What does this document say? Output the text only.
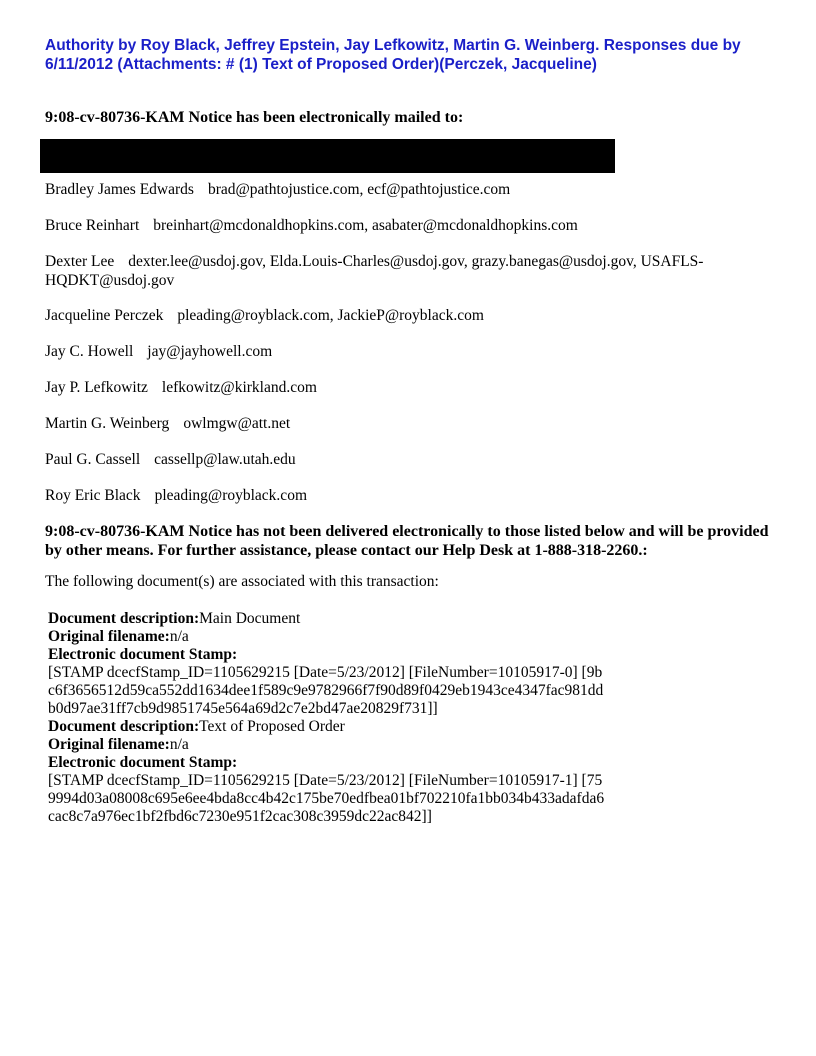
Authority by Roy Black, Jeffrey Epstein, Jay Lefkowitz, Martin G. Weinberg. Responses due by 6/11/2012 (Attachments: # (1) Text of Proposed Order)(Perczek, Jacqueline)
9:08-cv-80736-KAM Notice has been electronically mailed to:
Bradley James Edwards brad@pathtojustice.com, ecf@pathtojustice.com
Bruce Reinhart breinhart@mcdonaldhopkins.com, asabater@mcdonaldhopkins.com
Dexter Lee dexter.lee@usdoj.gov, Elda.Louis-Charles@usdoj.gov, grazy.banegas@usdoj.gov, USAFLS-HQDKT@usdoj.gov
Jacqueline Perczek pleading@royblack.com, JackieP@royblack.com
Jay C. Howell jay@jayhowell.com
Jay P. Lefkowitz lefkowitz@kirkland.com
Martin G. Weinberg owlmgw@att.net
Paul G. Cassell cassellp@law.utah.edu
Roy Eric Black pleading@royblack.com
9:08-cv-80736-KAM Notice has not been delivered electronically to those listed below and will be provided by other means. For further assistance, please contact our Help Desk at 1-888-318-2260.:
The following document(s) are associated with this transaction:
Document description:Main Document
Original filename:n/a
Electronic document Stamp:
[STAMP dcecfStamp_ID=1105629215 [Date=5/23/2012] [FileNumber=10105917-0] [9bc6f3656512d59ca552dd1634dee1f589c9e9782966f7f90d89f0429eb1943ce4347fac981ddb0d97ae31ff7cb9d9851745e564a69d2c7e2bd47ae20829f731]]
Document description:Text of Proposed Order
Original filename:n/a
Electronic document Stamp:
[STAMP dcecfStamp_ID=1105629215 [Date=5/23/2012] [FileNumber=10105917-1] [759994d03a08008c695e6ee4bda8cc4b42c175be70edfbea01bf702210fa1bb034b433adafda6cac8c7a976ec1bf2fbd6c7230e951f2cac308c3959dc22ac842]]
